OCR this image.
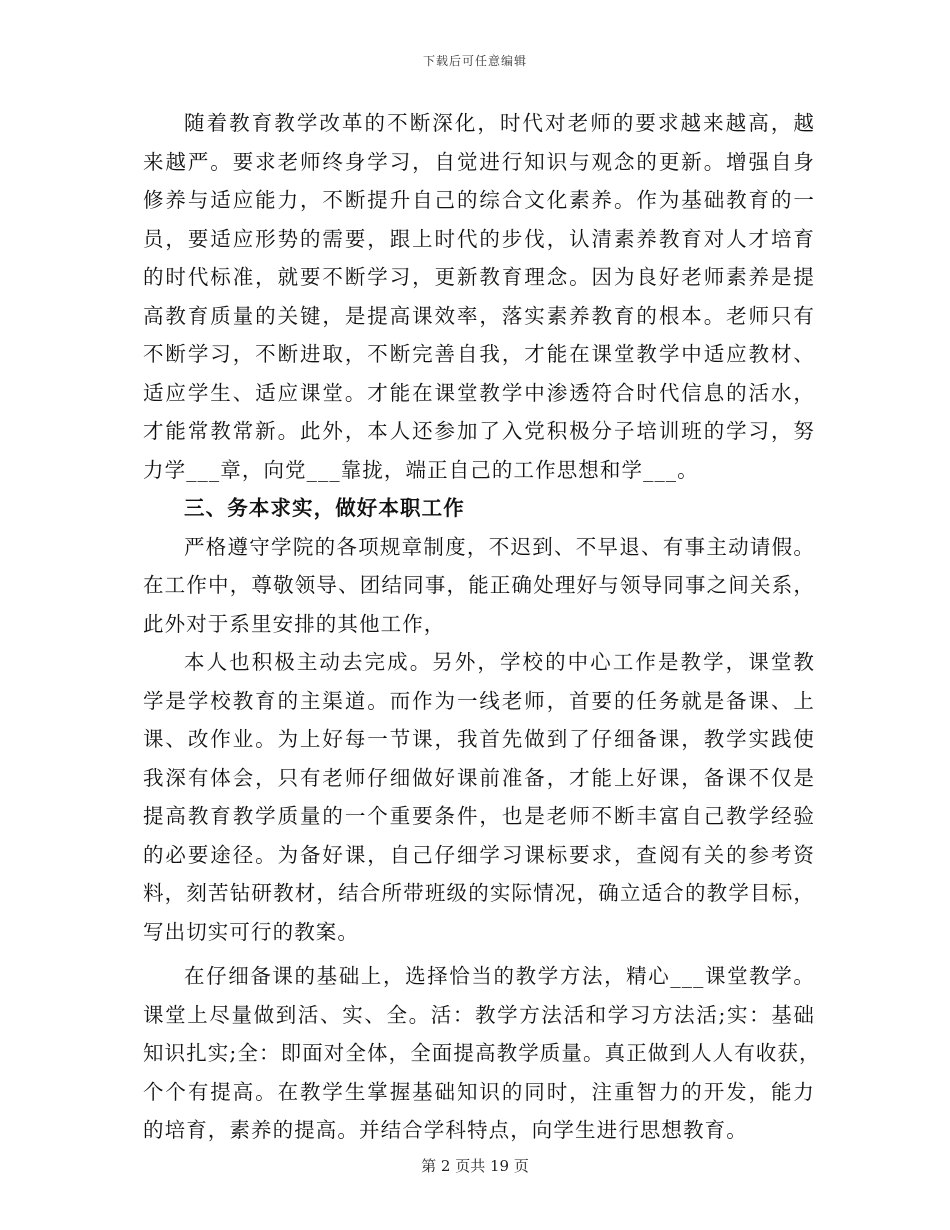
下载后可任意编辑
随着教育教学改革的不断深化，时代对老师的要求越来越高，越
来越严。要求老师终身学习，自觉进行知识与观念的更新。增强自身
修养与适应能力，不断提升自己的综合文化素养。作为基础教育的一
员，要适应形势的需要，跟上时代的步伐，认清素养教育对人才培育
的时代标准，就要不断学习，更新教育理念。因为良好老师素养是提
高教育质量的关键，是提高课效率，落实素养教育的根本。老师只有
不断学习，不断进取，不断完善自我，才能在课堂教学中适应教材、
适应学生、适应课堂。才能在课堂教学中渗透符合时代信息的活水，
才能常教常新。此外，本人还参加了入党积极分子培训班的学习，努
力学___章，向党___靠拢，端正自己的工作思想和学___。
三、务本求实，做好本职工作
严格遵守学院的各项规章制度，不迟到、不早退、有事主动请假。
在工作中，尊敬领导、团结同事，能正确处理好与领导同事之间关系，
此外对于系里安排的其他工作，
本人也积极主动去完成。另外，学校的中心工作是教学，课堂教
学是学校教育的主渠道。而作为一线老师，首要的任务就是备课、上
课、改作业。为上好每一节课，我首先做到了仔细备课，教学实践使
我深有体会，只有老师仔细做好课前准备，才能上好课，备课不仅是
提高教育教学质量的一个重要条件，也是老师不断丰富自己教学经验
的必要途径。为备好课，自己仔细学习课标要求，查阅有关的参考资
料，刻苦钻研教材，结合所带班级的实际情况，确立适合的教学目标，
写出切实可行的教案。
在仔细备课的基础上，选择恰当的教学方法，精心___课堂教学。
课堂上尽量做到活、实、全。活：教学方法活和学习方法活;实：基础
知识扎实;全：即面对全体，全面提高教学质量。真正做到人人有收获，
个个有提高。在教学生掌握基础知识的同时，注重智力的开发，能力
的培育，素养的提高。并结合学科特点，向学生进行思想教育。
第 2 页共 19 页
